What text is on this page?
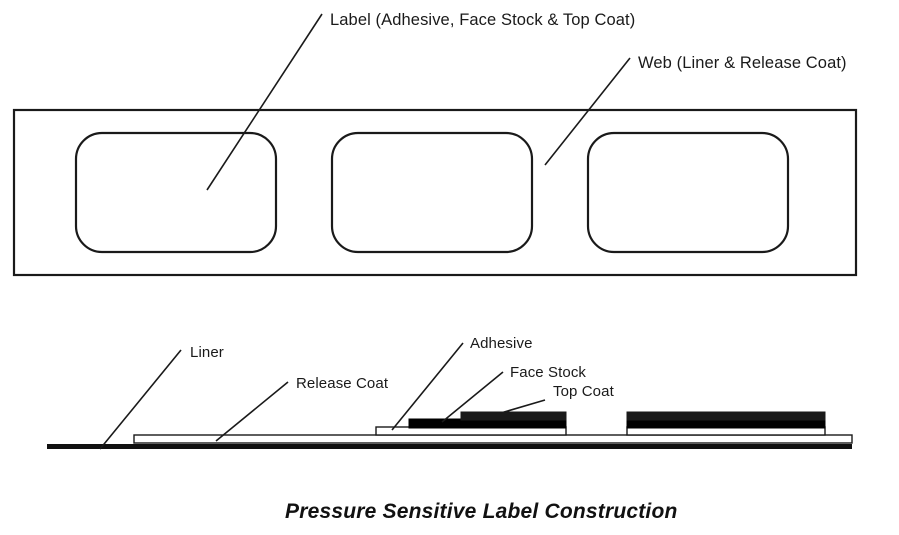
Label (Adhesive, Face Stock & Top Coat)
Web (Liner & Release Coat)
Liner
Release Coat
Adhesive
Face Stock
Top Coat
Pressure Sensitive Label Construction
